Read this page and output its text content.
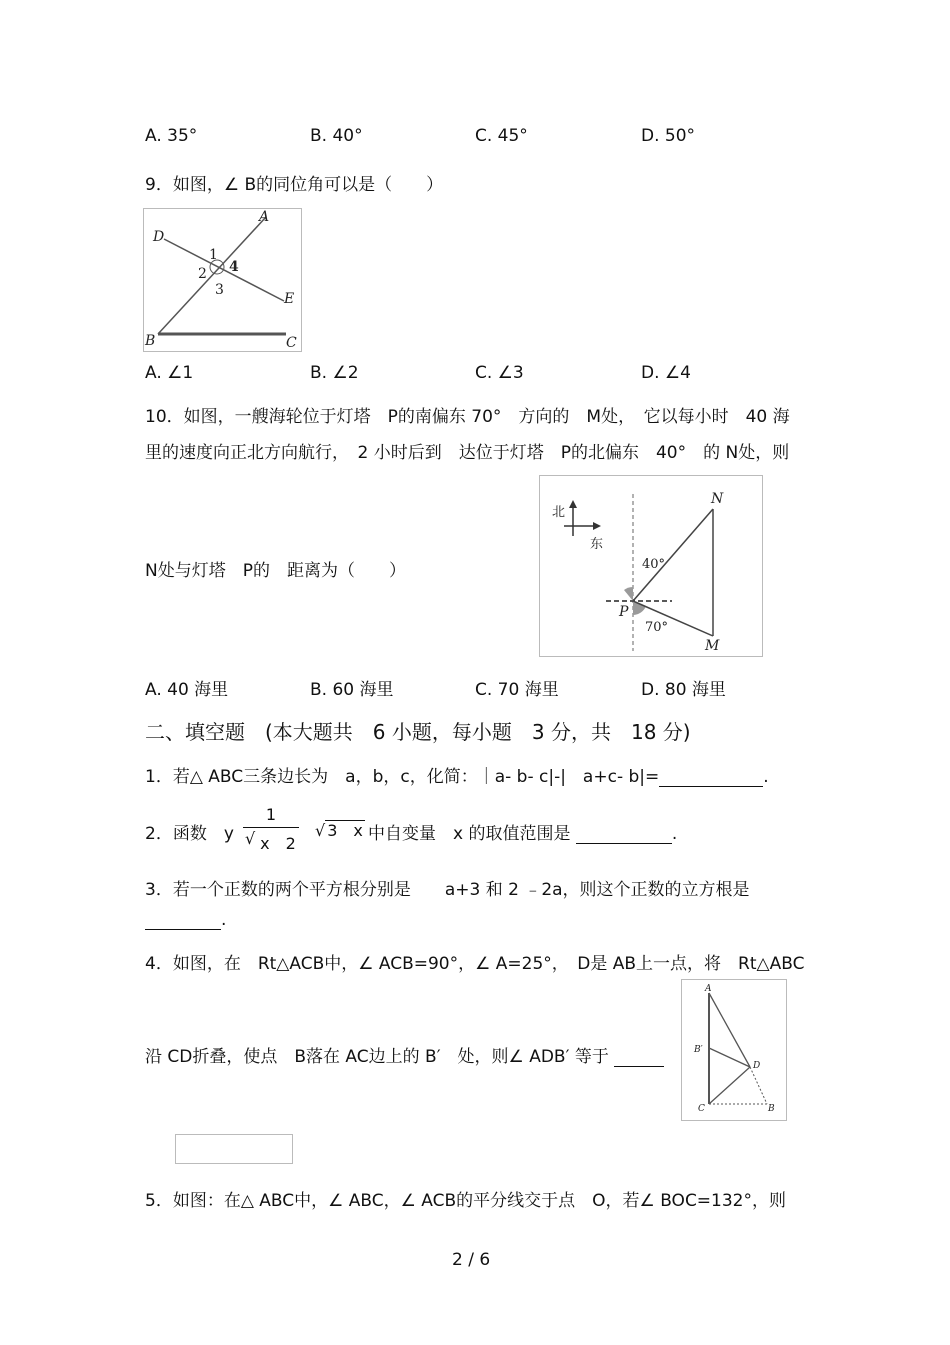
A. 35°	B. 40°	C. 45°	D. 50°
9．如图，∠ B的同位角可以是（　　）
A
D
1
2 4
3
E
B	C
A. ∠1	B. ∠2	C. ∠3	D. ∠4
10．如图，一艘海轮位于灯塔　P的南偏东 70°　方向的　M处，　它以每小时　40 海
里的速度向正北方向航行，　2 小时后到　达位于灯塔　P的北偏东　40°　的 N处，则
北
东
N
40°
P
70°
M
N处与灯塔　P的　距离为（　　）
A. 40 海里	B. 60 海里	C. 70 海里	D. 80 海里
二、填空题　(本大题共　6 小题，每小题　3 分，共　18 分)
1．若△ ABC三条边长为　a，b，c，化简：｜a- b- c|-|　a+c- b|=	.
2．函数　y $\frac{1}{√ x 2}$ √ 3　x 中自变量　x 的取值范围是	.
3．若一个正数的两个平方根分别是　　a+3 和 2 ﹣2a，则这个正数的立方根是
.
4．如图，在　Rt△ACB中，∠ ACB=90°，∠ A=25°，　D是 AB上一点，将　Rt△ABC
A
B′
D
C	B
沿 CD折叠，使点　B落在 AC边上的 B′　处，则∠ ADB′ 等于
5．如图：在△ ABC中，∠ ABC，∠ ACB的平分线交于点　O，若∠ BOC=132°，则
2 / 6
